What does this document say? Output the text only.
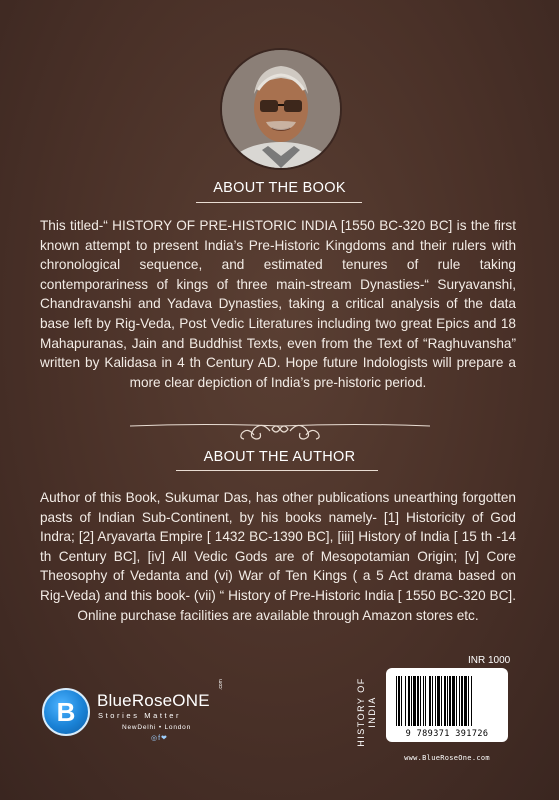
ABOUT THE BOOK
This titled-“ HISTORY OF PRE-HISTORIC INDIA [1550 BC-320 BC] is the first known attempt to present India’s Pre-Historic Kingdoms and their rulers with chronological sequence, and estimated tenures of rule taking contemporariness of kings of three main-stream Dynasties-“ Suryavanshi, Chandravanshi and Yadava Dynasties, taking a critical analysis of the data base left by Rig-Veda, Post Vedic Literatures including two great Epics and 18 Mahapuranas, Jain and Buddhist Texts, even from the Text of “Raghuvansha” written by Kalidasa in 4 th Century AD. Hope future Indologists will prepare a more clear depiction of India’s pre-historic period.
ABOUT THE AUTHOR
Author of this Book, Sukumar Das, has other publications unearthing forgotten pasts of Indian Sub-Continent, by his books namely- [1] Historicity of God Indra; [2] Aryavarta Empire [ 1432 BC-1390 BC], [iii] History of India [ 15 th -14 th Century BC], [iv] All Vedic Gods are of Mesopotamian Origin; [v] Core Theosophy of Vedanta and (vi) War of Ten Kings ( a 5 Act drama based on Rig-Veda) and this book- (vii) “ History of Pre-Historic India [ 1550 BC-320 BC]. Online purchase facilities are available through Amazon stores etc.
B	BlueRoseONE
.com
Stories Matter
NewDelhi • London
◎f❤
INR 1000
HISTORY OF INDIA
9 789371 391726
www.BlueRoseOne.com
